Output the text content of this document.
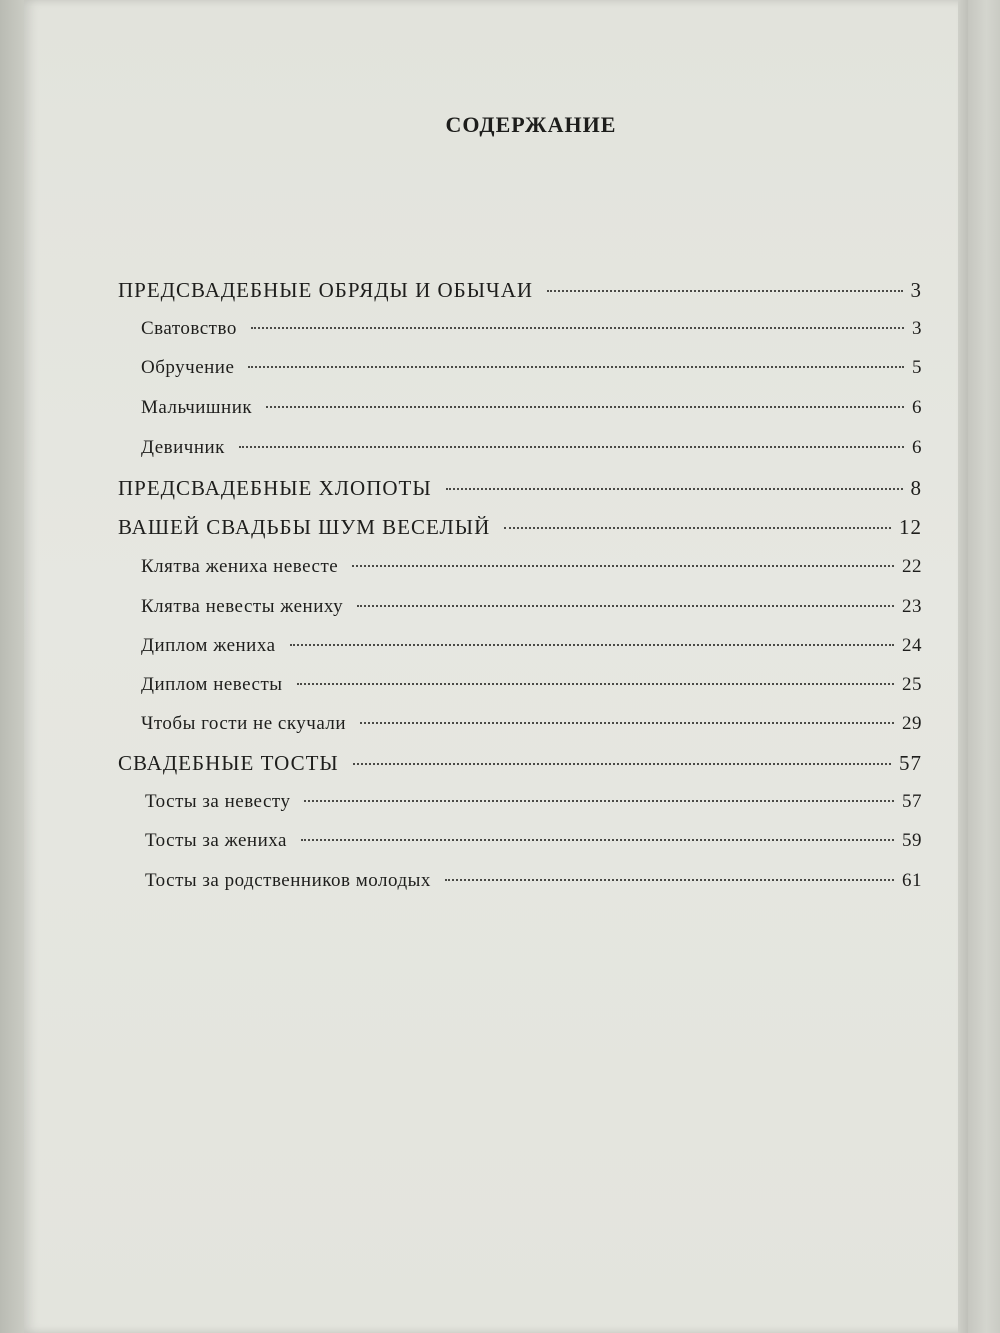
СОДЕРЖАНИЕ
ПРЕДСВАДЕБНЫЕ ОБРЯДЫ И ОБЫЧАИ	3
Сватовство	3
Обручение	5
Мальчишник	6
Девичник	6
ПРЕДСВАДЕБНЫЕ ХЛОПОТЫ	8
ВАШЕЙ СВАДЬБЫ ШУМ ВЕСЕЛЫЙ	12
Клятва жениха невесте	22
Клятва невесты жениху	23
Диплом жениха	24
Диплом невесты	25
Чтобы гости не скучали	29
СВАДЕБНЫЕ ТОСТЫ	57
Тосты за невесту	57
Тосты за жениха	59
Тосты за родственников молодых	61
